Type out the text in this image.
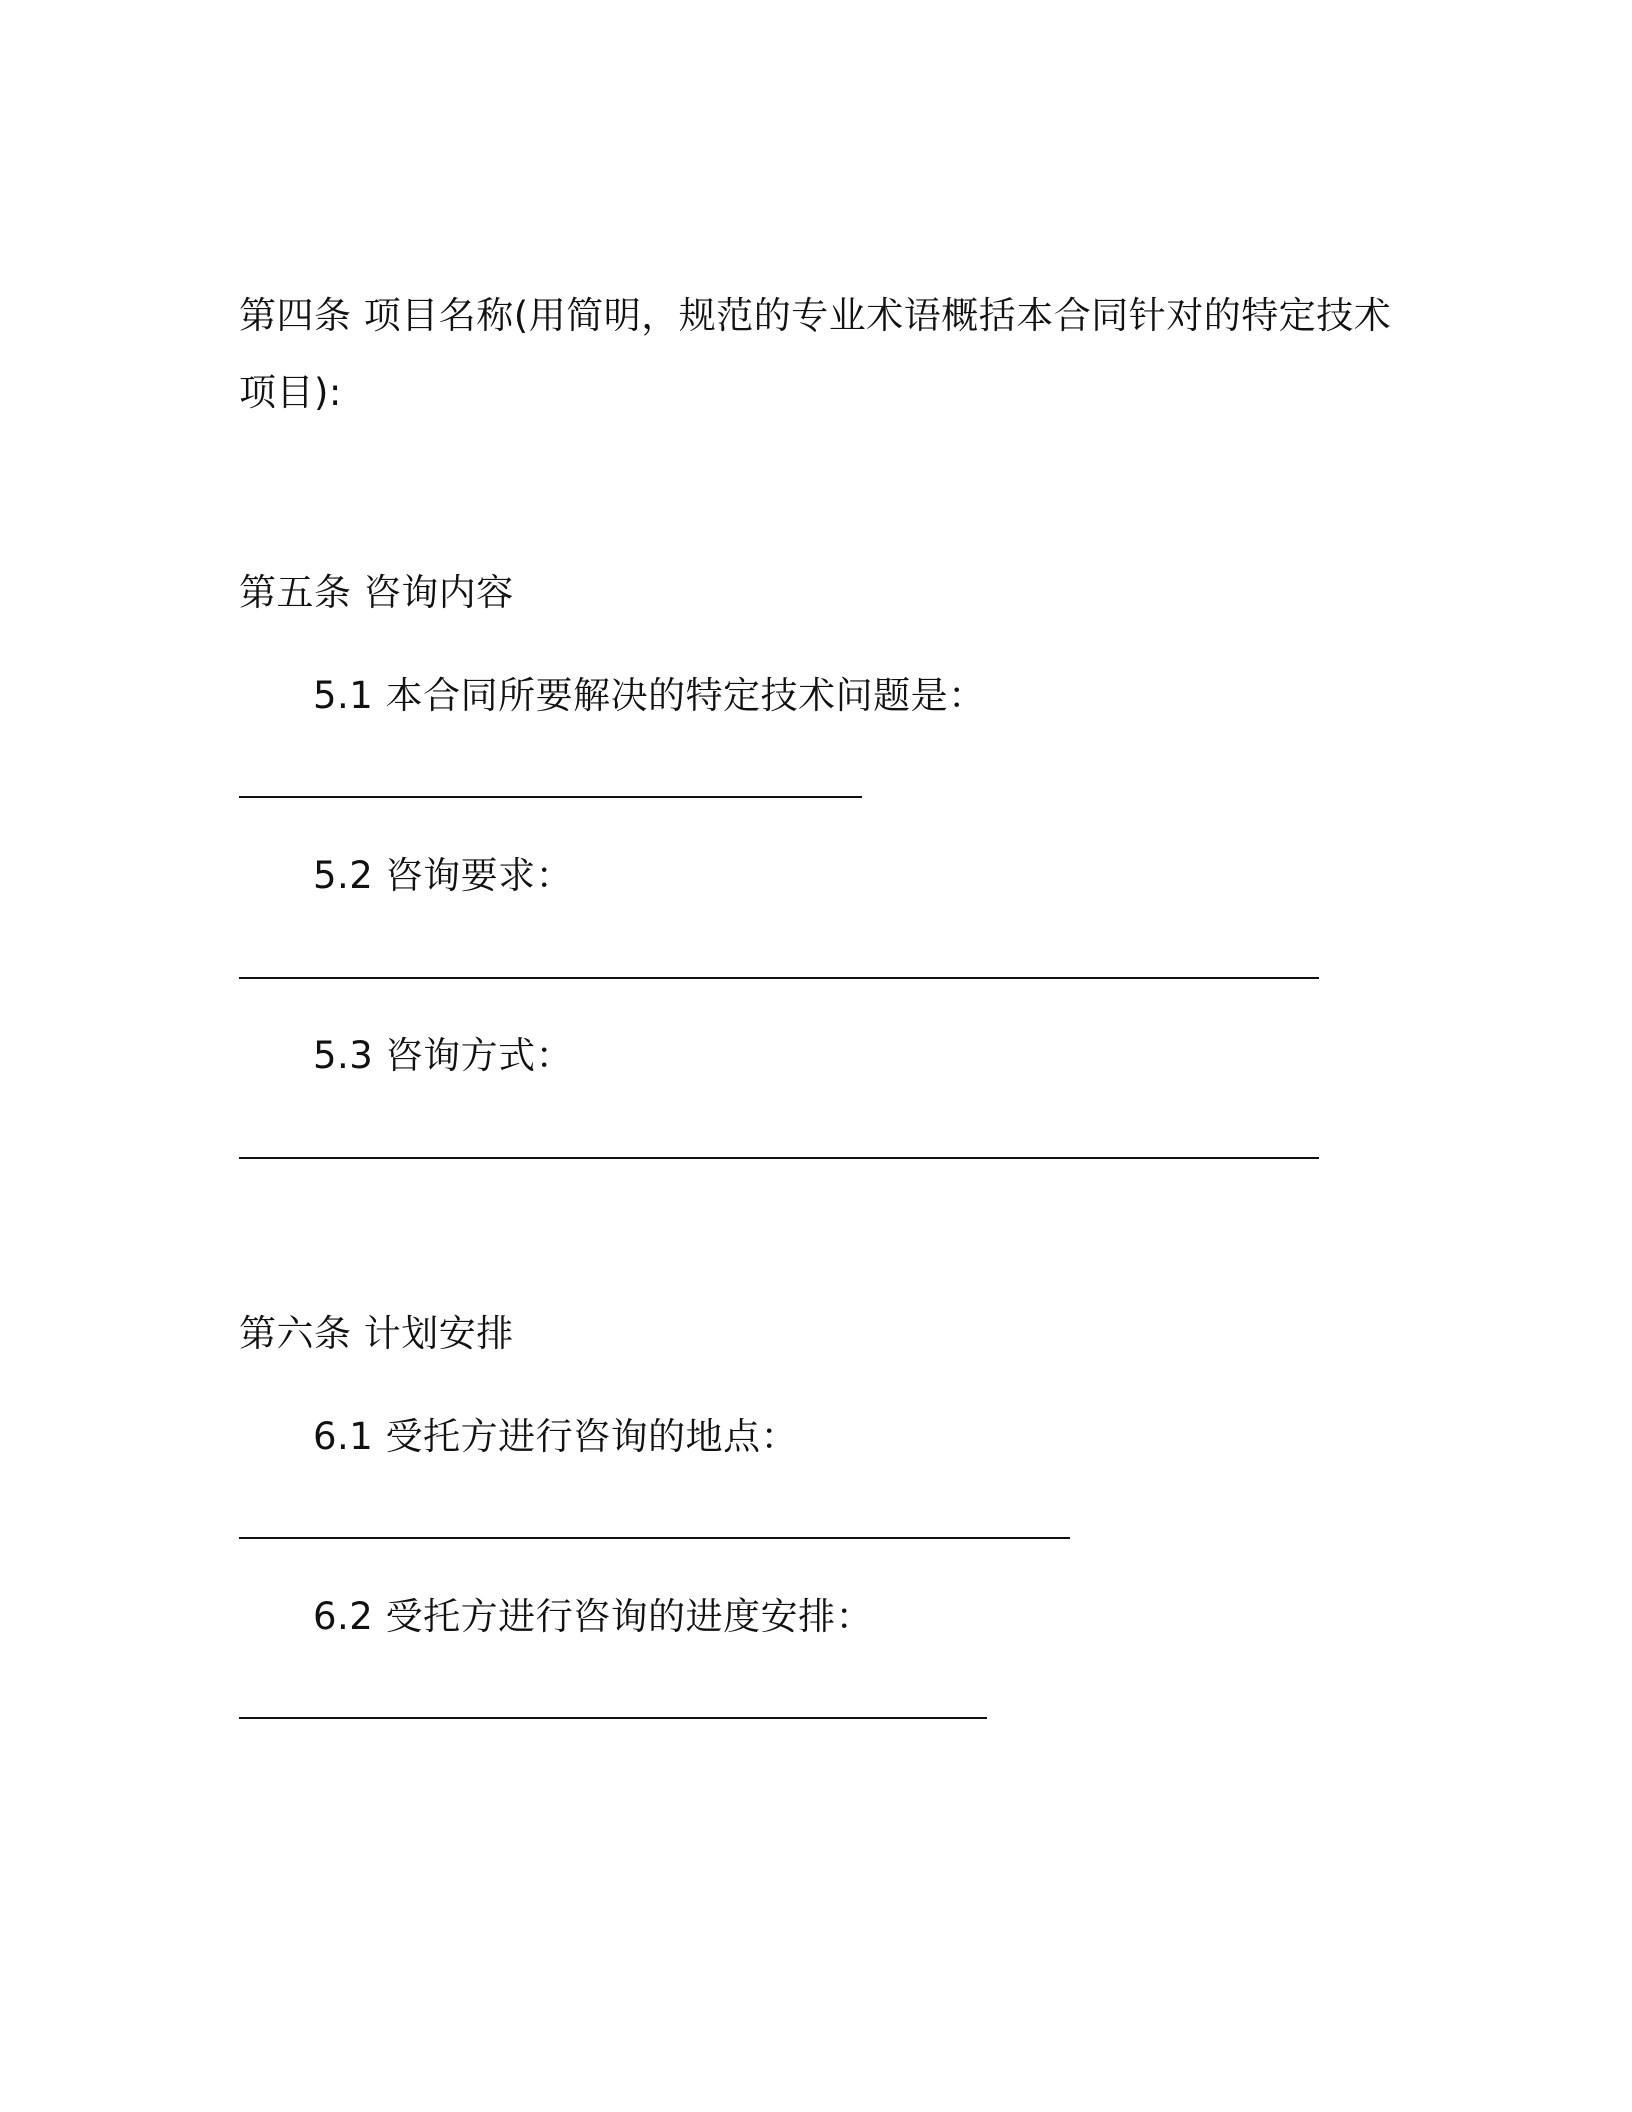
第四条 项目名称(用简明，规范的专业术语概括本合同针对的特定技术
项目):
第五条 咨询内容
5.1 本合同所要解决的特定技术问题是：
5.2 咨询要求：
5.3 咨询方式：
第六条 计划安排
6.1 受托方进行咨询的地点：
6.2 受托方进行咨询的进度安排：
